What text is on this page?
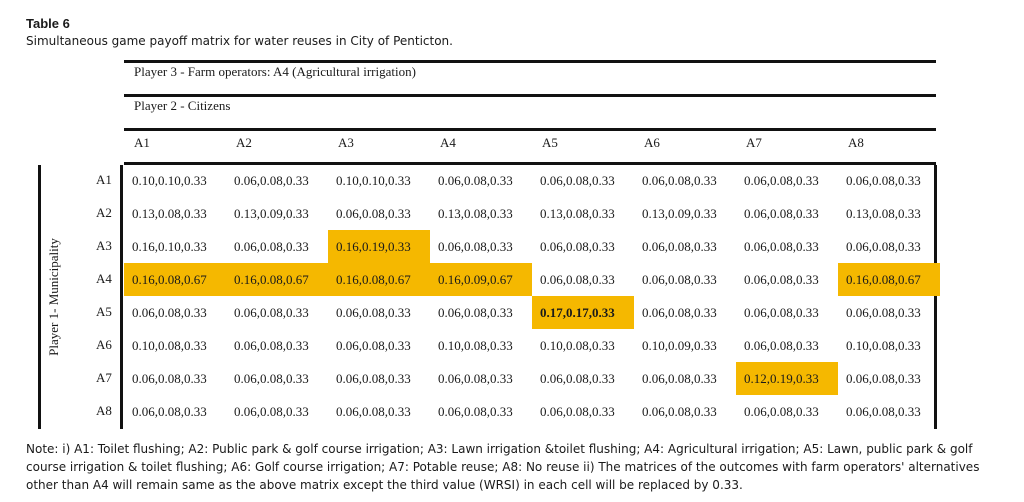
Table 6
Simultaneous game payoff matrix for water reuses in City of Penticton.
Player 3 - Farm operators: A4 (Agricultural irrigation)
Player 2 - Citizens
A1	A2	A3	A4	A5	A6	A7	A8
Player 1- Municipality
A1	0.10,0.10,0.33	0.06,0.08,0.33	0.10,0.10,0.33	0.06,0.08,0.33	0.06,0.08,0.33	0.06,0.08,0.33	0.06,0.08,0.33	0.06,0.08,0.33
A2	0.13,0.08,0.33	0.13,0.09,0.33	0.06,0.08,0.33	0.13,0.08,0.33	0.13,0.08,0.33	0.13,0.09,0.33	0.06,0.08,0.33	0.13,0.08,0.33
A3	0.16,0.10,0.33	0.06,0.08,0.33	0.16,0.19,0.33	0.06,0.08,0.33	0.06,0.08,0.33	0.06,0.08,0.33	0.06,0.08,0.33	0.06,0.08,0.33
A4	0.16,0.08,0.67	0.16,0.08,0.67	0.16,0.08,0.67	0.16,0.09,0.67	0.06,0.08,0.33	0.06,0.08,0.33	0.06,0.08,0.33	0.16,0.08,0.67
A5	0.06,0.08,0.33	0.06,0.08,0.33	0.06,0.08,0.33	0.06,0.08,0.33	0.17,0.17,0.33	0.06,0.08,0.33	0.06,0.08,0.33	0.06,0.08,0.33
A6	0.10,0.08,0.33	0.06,0.08,0.33	0.06,0.08,0.33	0.10,0.08,0.33	0.10,0.08,0.33	0.10,0.09,0.33	0.06,0.08,0.33	0.10,0.08,0.33
A7	0.06,0.08,0.33	0.06,0.08,0.33	0.06,0.08,0.33	0.06,0.08,0.33	0.06,0.08,0.33	0.06,0.08,0.33	0.12,0.19,0.33	0.06,0.08,0.33
A8	0.06,0.08,0.33	0.06,0.08,0.33	0.06,0.08,0.33	0.06,0.08,0.33	0.06,0.08,0.33	0.06,0.08,0.33	0.06,0.08,0.33	0.06,0.08,0.33
Note: i) A1: Toilet flushing; A2: Public park & golf course irrigation; A3: Lawn irrigation &toilet flushing; A4: Agricultural irrigation; A5: Lawn, public park & golf course irrigation & toilet flushing; A6: Golf course irrigation; A7: Potable reuse; A8: No reuse ii) The matrices of the outcomes with farm operators' alternatives other than A4 will remain same as the above matrix except the third value (WRSI) in each cell will be replaced by 0.33.
